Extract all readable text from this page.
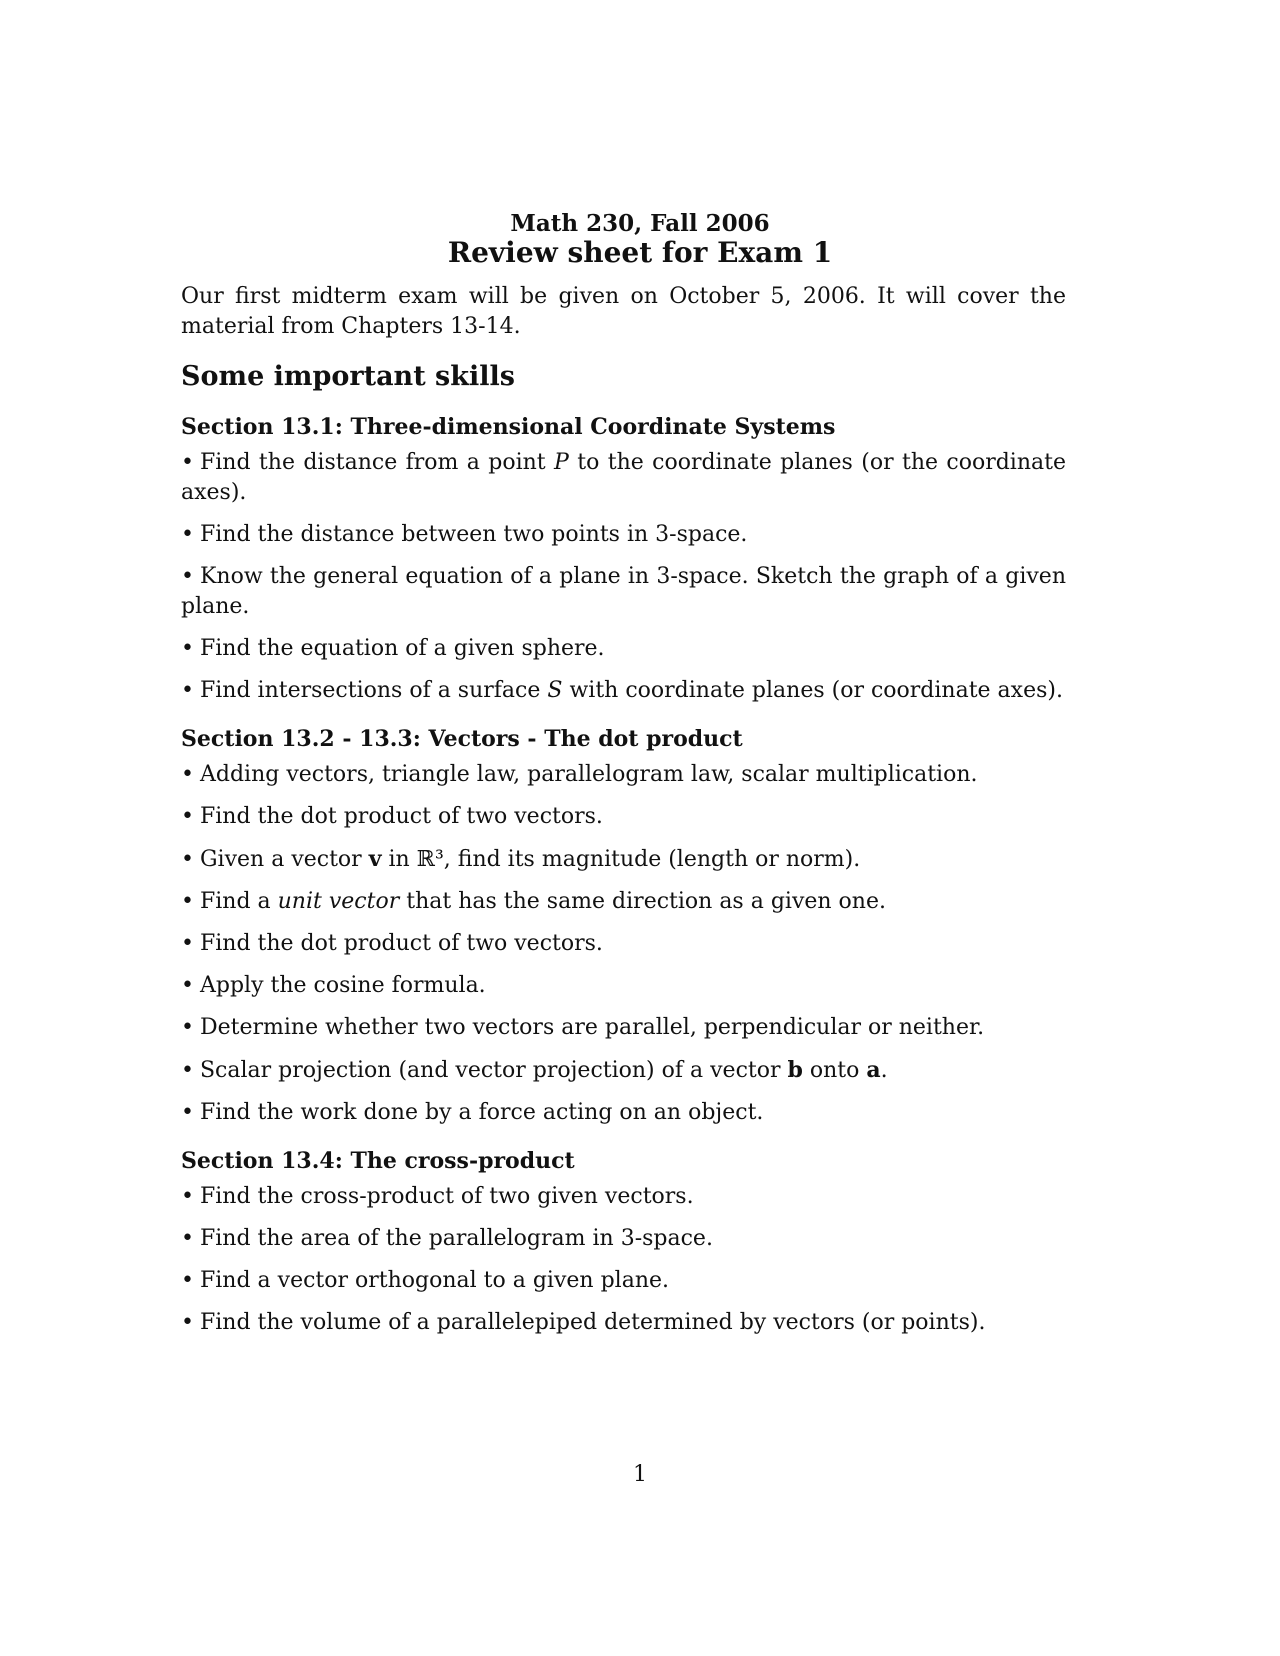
Math 230, Fall 2006
Review sheet for Exam 1

Our first midterm exam will be given on October 5, 2006. It will cover the material from Chapters 13-14.

Some important skills
Section 13.1: Three-dimensional Coordinate Systems

• Find the distance from a point P to the coordinate planes (or the coordinate axes).

• Find the distance between two points in 3-space.

• Know the general equation of a plane in 3-space. Sketch the graph of a given plane.

• Find the equation of a given sphere.

• Find intersections of a surface S with coordinate planes (or coordinate axes).

Section 13.2 - 13.3: Vectors - The dot product

• Adding vectors, triangle law, parallelogram law, scalar multiplication.

• Find the dot product of two vectors.

• Given a vector v in ℝ³, find its magnitude (length or norm).

• Find a unit vector that has the same direction as a given one.

• Find the dot product of two vectors.

• Apply the cosine formula.

• Determine whether two vectors are parallel, perpendicular or neither.

• Scalar projection (and vector projection) of a vector b onto a.

• Find the work done by a force acting on an object.

Section 13.4: The cross-product

• Find the cross-product of two given vectors.

• Find the area of the parallelogram in 3-space.

• Find a vector orthogonal to a given plane.

• Find the volume of a parallelepiped determined by vectors (or points).

1
